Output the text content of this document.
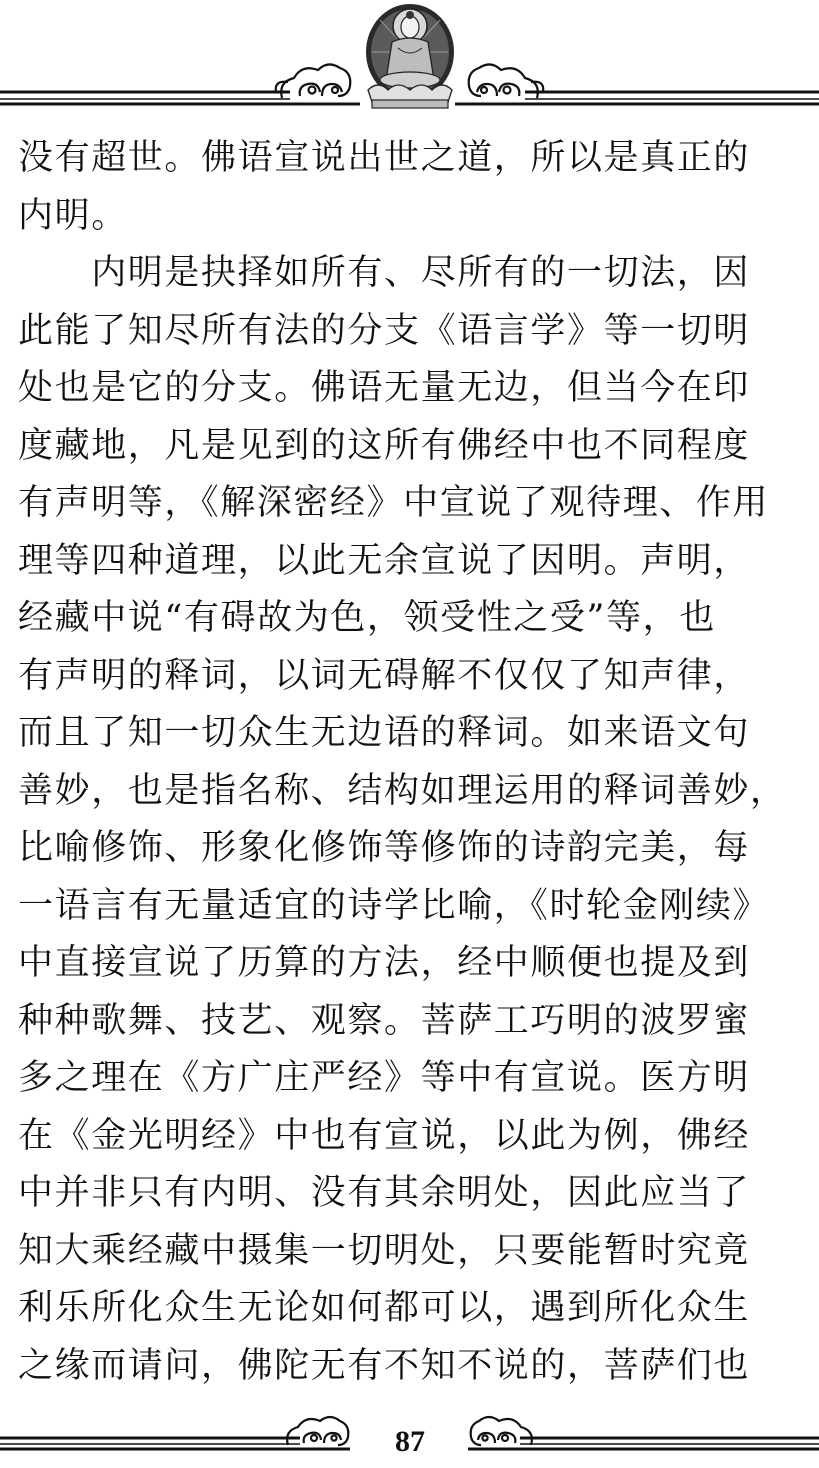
没有超世。佛语宣说出世之道，所以是真正的
内明。
　　内明是抉择如所有、尽所有的一切法，因
此能了知尽所有法的分支《语言学》等一切明
处也是它的分支。佛语无量无边，但当今在印
度藏地，凡是见到的这所有佛经中也不同程度
有声明等，《解深密经》中宣说了观待理、作用
理等四种道理，以此无余宣说了因明。声明，
经藏中说“有碍故为色，领受性之受”等，也
有声明的释词，以词无碍解不仅仅了知声律，
而且了知一切众生无边语的释词。如来语文句
善妙，也是指名称、结构如理运用的释词善妙，
比喻修饰、形象化修饰等修饰的诗韵完美，每
一语言有无量适宜的诗学比喻，《时轮金刚续》
中直接宣说了历算的方法，经中顺便也提及到
种种歌舞、技艺、观察。菩萨工巧明的波罗蜜
多之理在《方广庄严经》等中有宣说。医方明
在《金光明经》中也有宣说，以此为例，佛经
中并非只有内明、没有其余明处，因此应当了
知大乘经藏中摄集一切明处，只要能暂时究竟
利乐所化众生无论如何都可以，遇到所化众生
之缘而请问，佛陀无有不知不说的，菩萨们也
87
